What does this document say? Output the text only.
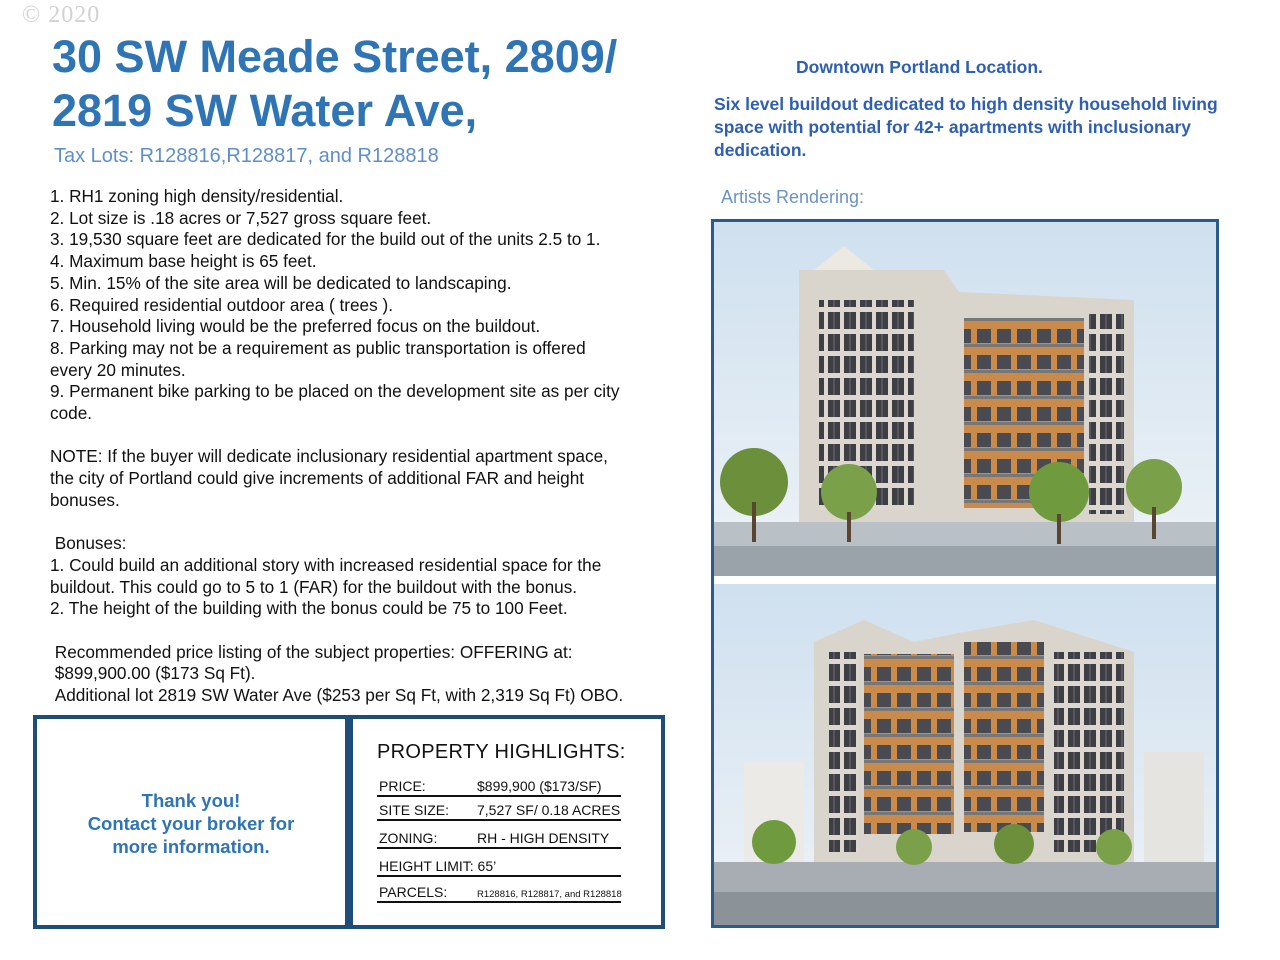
© 2020
30 SW Meade Street, 2809/
2819 SW Water Ave,
Tax Lots: R128816,R128817, and R128818

1. RH1 zoning high density/residential.

2. Lot size is .18 acres or 7,527 gross square feet.

3. 19,530 square feet are dedicated for the build out of the units 2.5 to 1.

4. Maximum base height is 65 feet.

5. Min. 15% of the site area will be dedicated to landscaping.

6. Required residential outdoor area ( trees ).

7. Household living would be the preferred focus on the buildout.

8. Parking may not be a requirement as public transportation is offered

every 20 minutes.

9. Permanent bike parking to be placed on the development site as per city

code.

NOTE: If the buyer will dedicate inclusionary residential apartment space,

the city of Portland could give increments of additional FAR and height

bonuses.

Bonuses:

1. Could build an additional story with increased residential space for the

buildout. This could go to 5 to 1 (FAR) for the buildout with the bonus.

2. The height of the building with the bonus could be 75 to 100 Feet.

Recommended price listing of the subject properties: OFFERING at:

$899,900.00 ($173 Sq Ft).

Additional lot 2819 SW Water Ave ($253 per Sq Ft, with 2,319 Sq Ft) OBO.

Downtown Portland Location.
Six level buildout dedicated to high density household living space with potential for 42+ apartments with inclusionary dedication.
Artists Rendering:
Thank you!
Contact your broker for
more information.
PROPERTY HIGHLIGHTS:
PRICE:	$899,900 ($173/SF)
SITE SIZE: 7,527 SF/ 0.18 ACRES
ZONING:	RH - HIGH DENSITY
HEIGHT LIMIT: 65’
PARCELS:	R128816, R128817, and R128818
